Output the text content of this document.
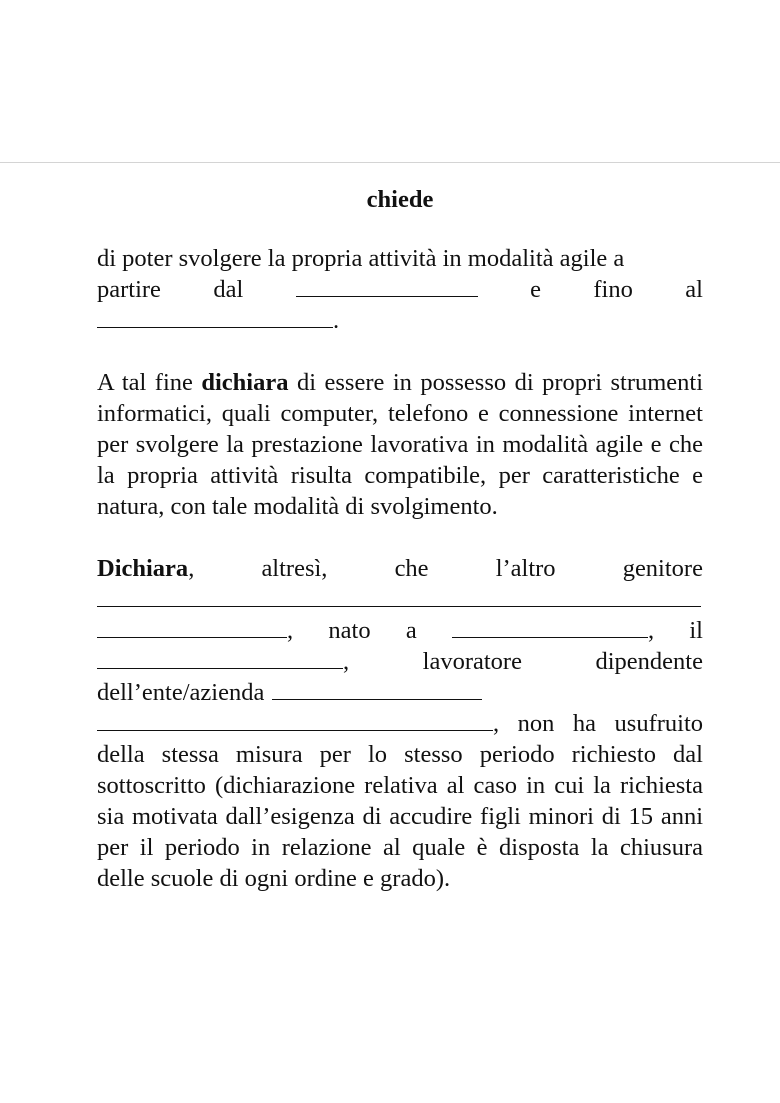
chiede
di poter svolgere la propria attività in modalità agile a
partire dal	e fino al
.

A tal fine dichiara di essere in possesso di propri strumenti informatici, quali computer, telefono e connessione internet per svolgere la prestazione lavorativa in modalità agile e che la propria attività risulta compatibile, per caratteristiche e natura, con tale modalità di svolgimento.

Dichiara,	altresì,	che	l’altro	genitore
, nato a	, il
,	lavoratore	dipendente
dell’ente/azienda
, non ha usufruito

della stessa misura per lo stesso periodo richiesto dal sottoscritto (dichiarazione relativa al caso in cui la richiesta sia motivata dall’esigenza di accudire figli minori di 15 anni per il periodo in relazione al quale è disposta la chiusura delle scuole di ogni ordine e grado).
